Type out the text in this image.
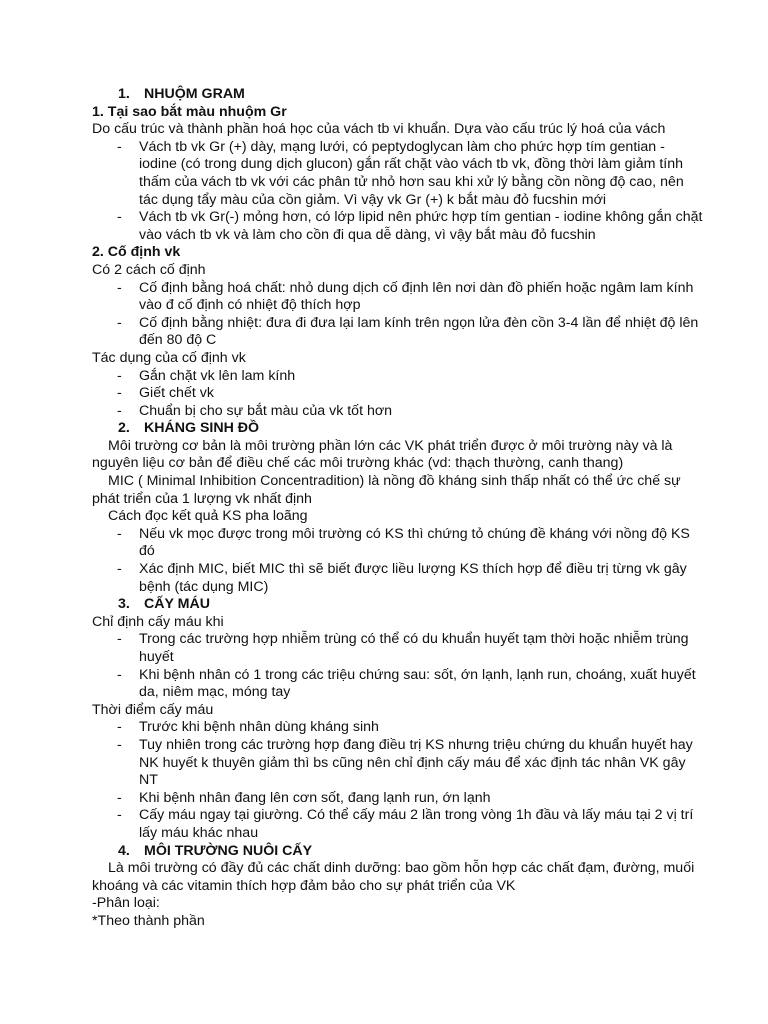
1. NHUỘM GRAM

1. Tại sao bắt màu nhuộm Gr

Do cấu trúc và thành phần hoá học của vách tb vi khuẩn. Dựa vào cấu trúc lý hoá của vách

- Vách tb vk Gr (+) dày, mạng lưới, có peptydoglycan làm cho phức hợp tím gentian - iodine (có trong dung dịch glucon) gắn rất chặt vào vách tb vk, đồng thời làm giảm tính thấm của vách tb vk với các phân tử nhỏ hơn sau khi xử lý bằng cồn nồng độ cao, nên tác dụng tẩy màu của cồn giảm. Vì vậy vk Gr (+) k bắt màu đỏ fucshin mới

- Vách tb vk Gr(-) mỏng hơn, có lớp lipid nên phức hợp tím gentian - iodine không gắn chặt vào vách tb vk và làm cho cồn đi qua dễ dàng, vì vậy bắt màu đỏ fucshin

2. Cố định vk

Có 2 cách cố định

- Cố định bằng hoá chất: nhỏ dung dịch cố định lên nơi dàn đồ phiến hoặc ngâm lam kính vào đ cố định có nhiệt độ thích hợp

- Cố định bằng nhiệt: đưa đi đưa lại lam kính trên ngọn lửa đèn cồn 3-4 lần để nhiệt độ lên đến 80 độ C

Tác dụng của cố định vk

- Gắn chặt vk lên lam kính

- Giết chết vk

- Chuẩn bị cho sự bắt màu của vk tốt hơn

2. KHÁNG SINH ĐỒ

Môi trường cơ bản là môi trường phần lớn các VK phát triển được ở môi trường này và là nguyên liệu cơ bản để điều chế các môi trường khác (vd: thạch thường, canh thang)

MIC ( Minimal Inhibition Concentradition) là nồng đồ kháng sinh thấp nhất có thể ức chế sự phát triển của 1 lượng vk nhất định

Cách đọc kết quả KS pha loãng

- Nếu vk mọc được trong môi trường có KS thì chứng tỏ chúng đề kháng với nồng độ KS đó

- Xác định MIC, biết MIC thì sẽ biết được liều lượng KS thích hợp để điều trị từng vk gây bệnh (tác dụng MIC)

3. CẤY MÁU

Chỉ định cấy máu khi

- Trong các trường hợp nhiễm trùng có thể có du khuẩn huyết tạm thời hoặc nhiễm trùng huyết

- Khi bệnh nhân có 1 trong các triệu chứng sau: sốt, ớn lạnh, lạnh run, choáng, xuất huyết da, niêm mạc, móng tay

Thời điểm cấy máu

- Trước khi bệnh nhân dùng kháng sinh

- Tuy nhiên trong các trường hợp đang điều trị KS nhưng triệu chứng du khuẩn huyết hay NK huyết k thuyên giảm thì bs cũng nên chỉ định cấy máu để xác định tác nhân VK gây NT

- Khi bệnh nhân đang lên cơn sốt, đang lạnh run, ớn lạnh

- Cấy máu ngay tại giường. Có thể cấy máu 2 lần trong vòng 1h đầu và lấy máu tại 2 vị trí lấy máu khác nhau

4. MÔI TRƯỜNG NUÔI CẤY

Là môi trường có đầy đủ các chất dinh dưỡng: bao gồm hỗn hợp các chất đạm, đường, muối khoáng và các vitamin thích hợp đảm bảo cho sự phát triển của VK

-Phân loại:

*Theo thành phần
